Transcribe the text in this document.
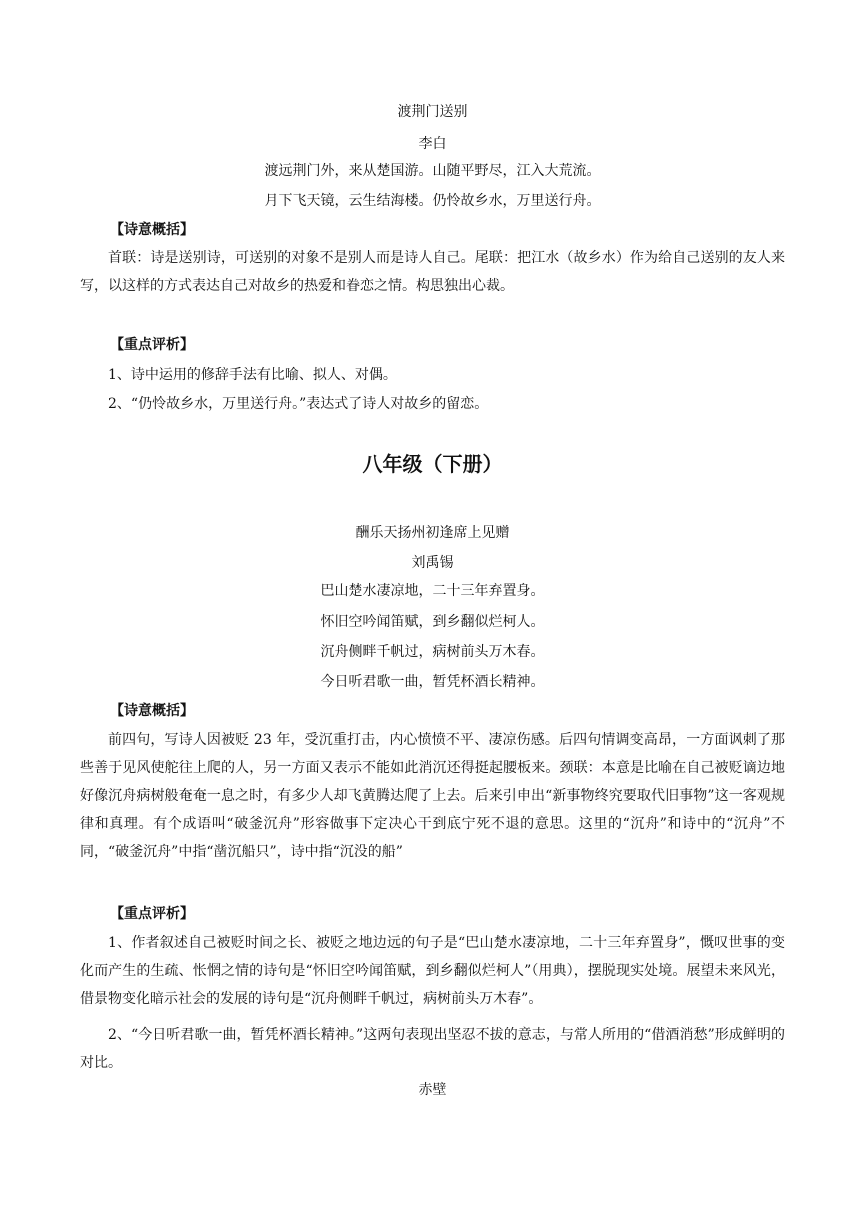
渡荆门送别
李白
渡远荆门外，来从楚国游。山随平野尽，江入大荒流。
月下飞天镜，云生结海楼。仍怜故乡水，万里送行舟。
【诗意概括】
首联：诗是送别诗，可送别的对象不是别人而是诗人自己。尾联：把江水（故乡水）作为给自己送别的友人来写，以这样的方式表达自己对故乡的热爱和眷恋之情。构思独出心裁。
【重点评析】
1、诗中运用的修辞手法有比喻、拟人、对偶。
2、“仍怜故乡水，万里送行舟。”表达式了诗人对故乡的留恋。
八年级（下册）
酬乐天扬州初逢席上见赠
刘禹锡
巴山楚水凄凉地，二十三年弃置身。
怀旧空吟闻笛赋，到乡翻似烂柯人。
沉舟侧畔千帆过，病树前头万木春。
今日听君歌一曲，暂凭杯酒长精神。
【诗意概括】
前四句，写诗人因被贬 23 年，受沉重打击，内心愤愤不平、凄凉伤感。后四句情调变高昂，一方面讽刺了那些善于见风使舵往上爬的人，另一方面又表示不能如此消沉还得挺起腰板来。颈联：本意是比喻在自己被贬谪边地好像沉舟病树般奄奄一息之时，有多少人却飞黄腾达爬了上去。后来引申出“新事物终究要取代旧事物”这一客观规律和真理。有个成语叫“破釜沉舟”形容做事下定决心干到底宁死不退的意思。这里的“沉舟”和诗中的“沉舟”不同，“破釜沉舟”中指“凿沉船只”，诗中指“沉没的船”
【重点评析】
1、作者叙述自己被贬时间之长、被贬之地边远的句子是“巴山楚水凄凉地，二十三年弃置身”，慨叹世事的变化而产生的生疏、怅惘之情的诗句是“怀旧空吟闻笛赋，到乡翻似烂柯人”（用典），摆脱现实处境。展望未来风光，借景物变化暗示社会的发展的诗句是“沉舟侧畔千帆过，病树前头万木春”。
2、“今日听君歌一曲，暂凭杯酒长精神。”这两句表现出坚忍不拔的意志，与常人所用的“借酒消愁”形成鲜明的对比。
赤壁
